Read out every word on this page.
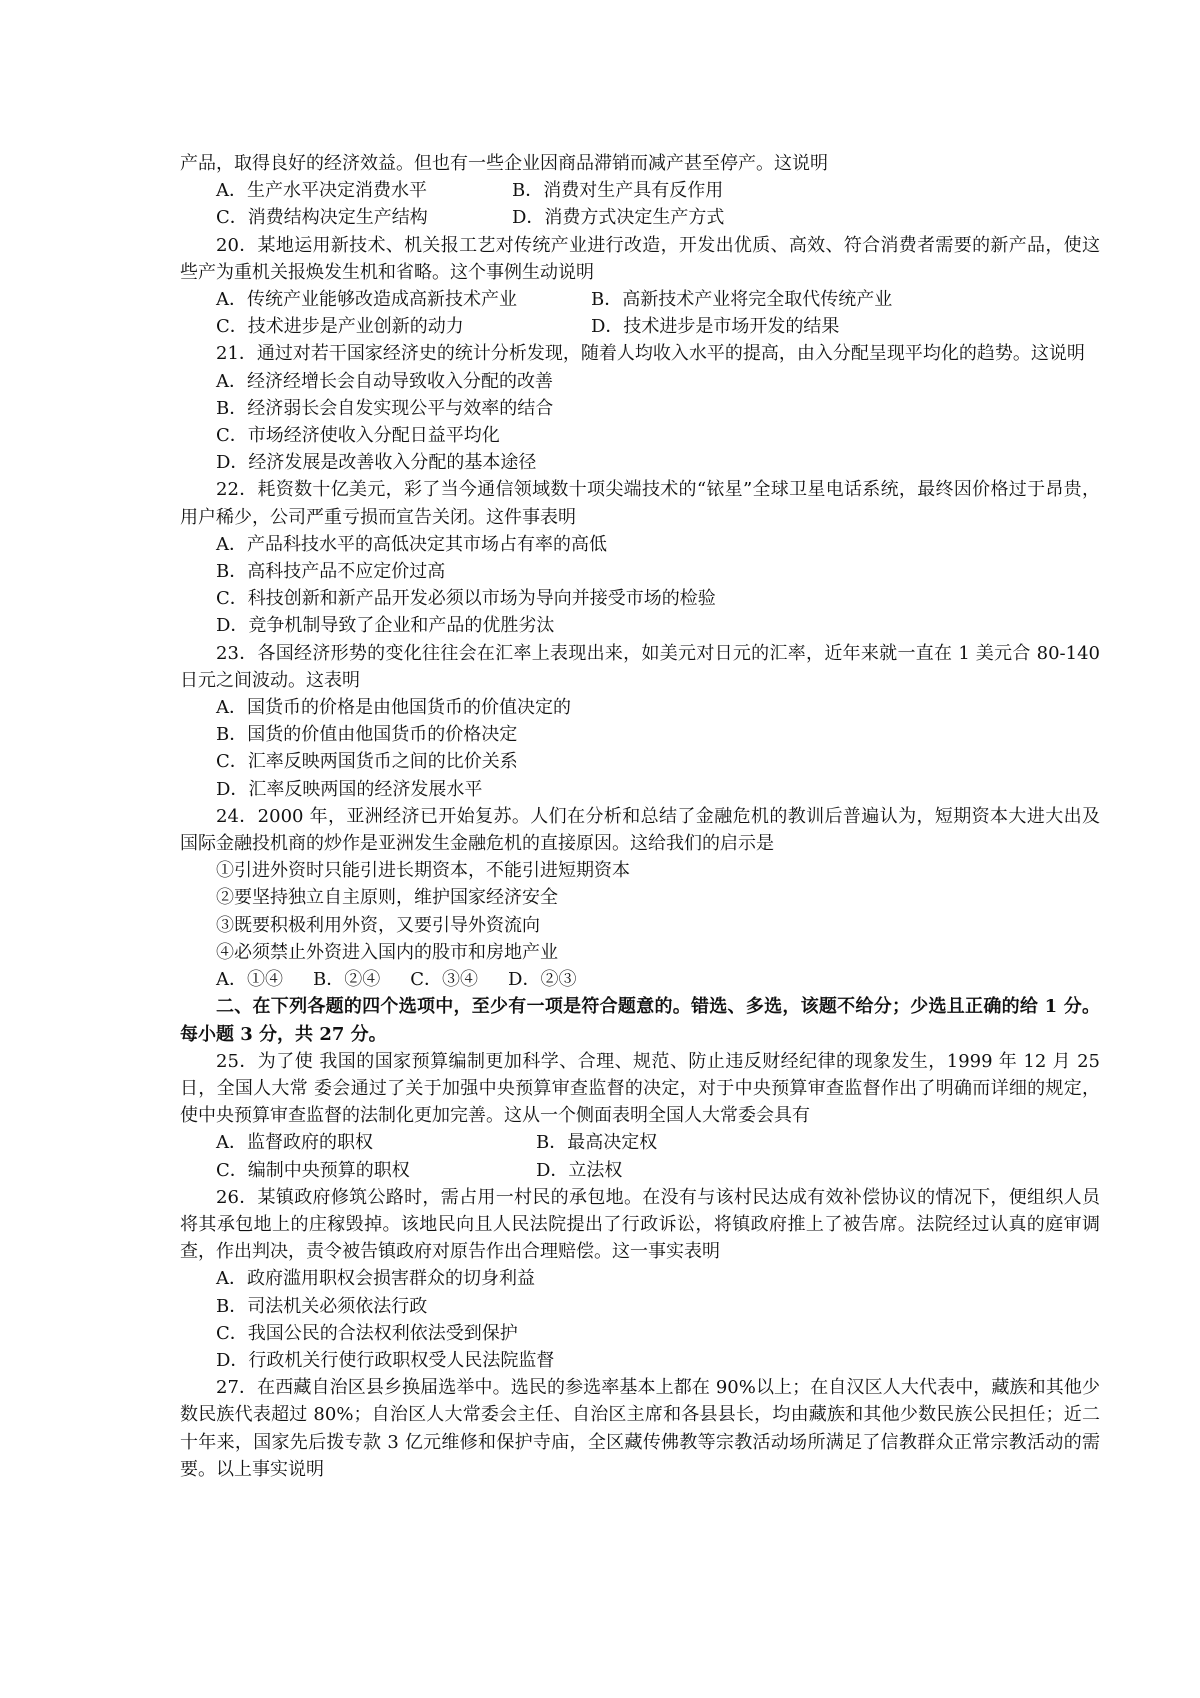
产品，取得良好的经济效益。但也有一些企业因商品滞销而减产甚至停产。这说明

A．生产水平决定消费水平	B．消费对生产具有反作用
C．消费结构决定生产结构	D．消费方式决定生产方式

20．某地运用新技术、机关报工艺对传统产业进行改造，开发出优质、高效、符合消费者需要的新产品，使这些产为重机关报焕发生机和省略。这个事例生动说明

A．传统产业能够改造成高新技术产业	B．高新技术产业将完全取代传统产业
C．技术进步是产业创新的动力	D．技术进步是市场开发的结果

21．通过对若干国家经济史的统计分析发现，随着人均收入水平的提高，由入分配呈现平均化的趋势。这说明

A．经济经增长会自动导致收入分配的改善
B．经济弱长会自发实现公平与效率的结合
C．市场经济使收入分配日益平均化
D．经济发展是改善收入分配的基本途径

22．耗资数十亿美元，彩了当今通信领域数十项尖端技术的“铱星”全球卫星电话系统，最终因价格过于昂贵，用户稀少，公司严重亏损而宣告关闭。这件事表明

A．产品科技水平的高低决定其市场占有率的高低
B．高科技产品不应定价过高
C．科技创新和新产品开发必须以市场为导向并接受市场的检验
D．竞争机制导致了企业和产品的优胜劣汰

23．各国经济形势的变化往往会在汇率上表现出来，如美元对日元的汇率，近年来就一直在 1 美元合 80-140 日元之间波动。这表明

A．国货币的价格是由他国货币的价值决定的
B．国货的价值由他国货币的价格决定
C．汇率反映两国货币之间的比价关系
D．汇率反映两国的经济发展水平

24．2000 年，亚洲经济已开始复苏。人们在分析和总结了金融危机的教训后普遍认为，短期资本大进大出及国际金融投机商的炒作是亚洲发生金融危机的直接原因。这给我们的启示是

①引进外资时只能引进长期资本，不能引进短期资本
②要坚持独立自主原则，维护国家经济安全
③既要积极利用外资，又要引导外资流向
④必须禁止外资进入国内的股市和房地产业
A．①④ B．②④ C．③④ D．②③

二、在下列各题的四个选项中，至少有一项是符合题意的。错选、多选，该题不给分；少选且正确的给 1 分。每小题 3 分，共 27 分。

25．为了使 我国的国家预算编制更加科学、合理、规范、防止违反财经纪律的现象发生，1999 年 12 月 25 日，全国人大常 委会通过了关于加强中央预算审查监督的决定，对于中央预算审查监督作出了明确而详细的规定，使中央预算审查监督的法制化更加完善。这从一个侧面表明全国人大常委会具有

A．监督政府的职权	B．最高决定权
C．编制中央预算的职权	D．立法权

26．某镇政府修筑公路时，需占用一村民的承包地。在没有与该村民达成有效补偿协议的情况下，便组织人员将其承包地上的庄稼毁掉。该地民向且人民法院提出了行政诉讼，将镇政府推上了被告席。法院经过认真的庭审调查，作出判决，责令被告镇政府对原告作出合理赔偿。这一事实表明

A．政府滥用职权会损害群众的切身利益
B．司法机关必须依法行政
C．我国公民的合法权利依法受到保护
D．行政机关行使行政职权受人民法院监督

27．在西藏自治区县乡换届选举中。选民的参选率基本上都在 90%以上；在自汉区人大代表中，藏族和其他少数民族代表超过 80%；自治区人大常委会主任、自治区主席和各县县长，均由藏族和其他少数民族公民担任；近二十年来，国家先后拨专款 3 亿元维修和保护寺庙，全区藏传佛教等宗教活动场所满足了信教群众正常宗教活动的需要。以上事实说明
